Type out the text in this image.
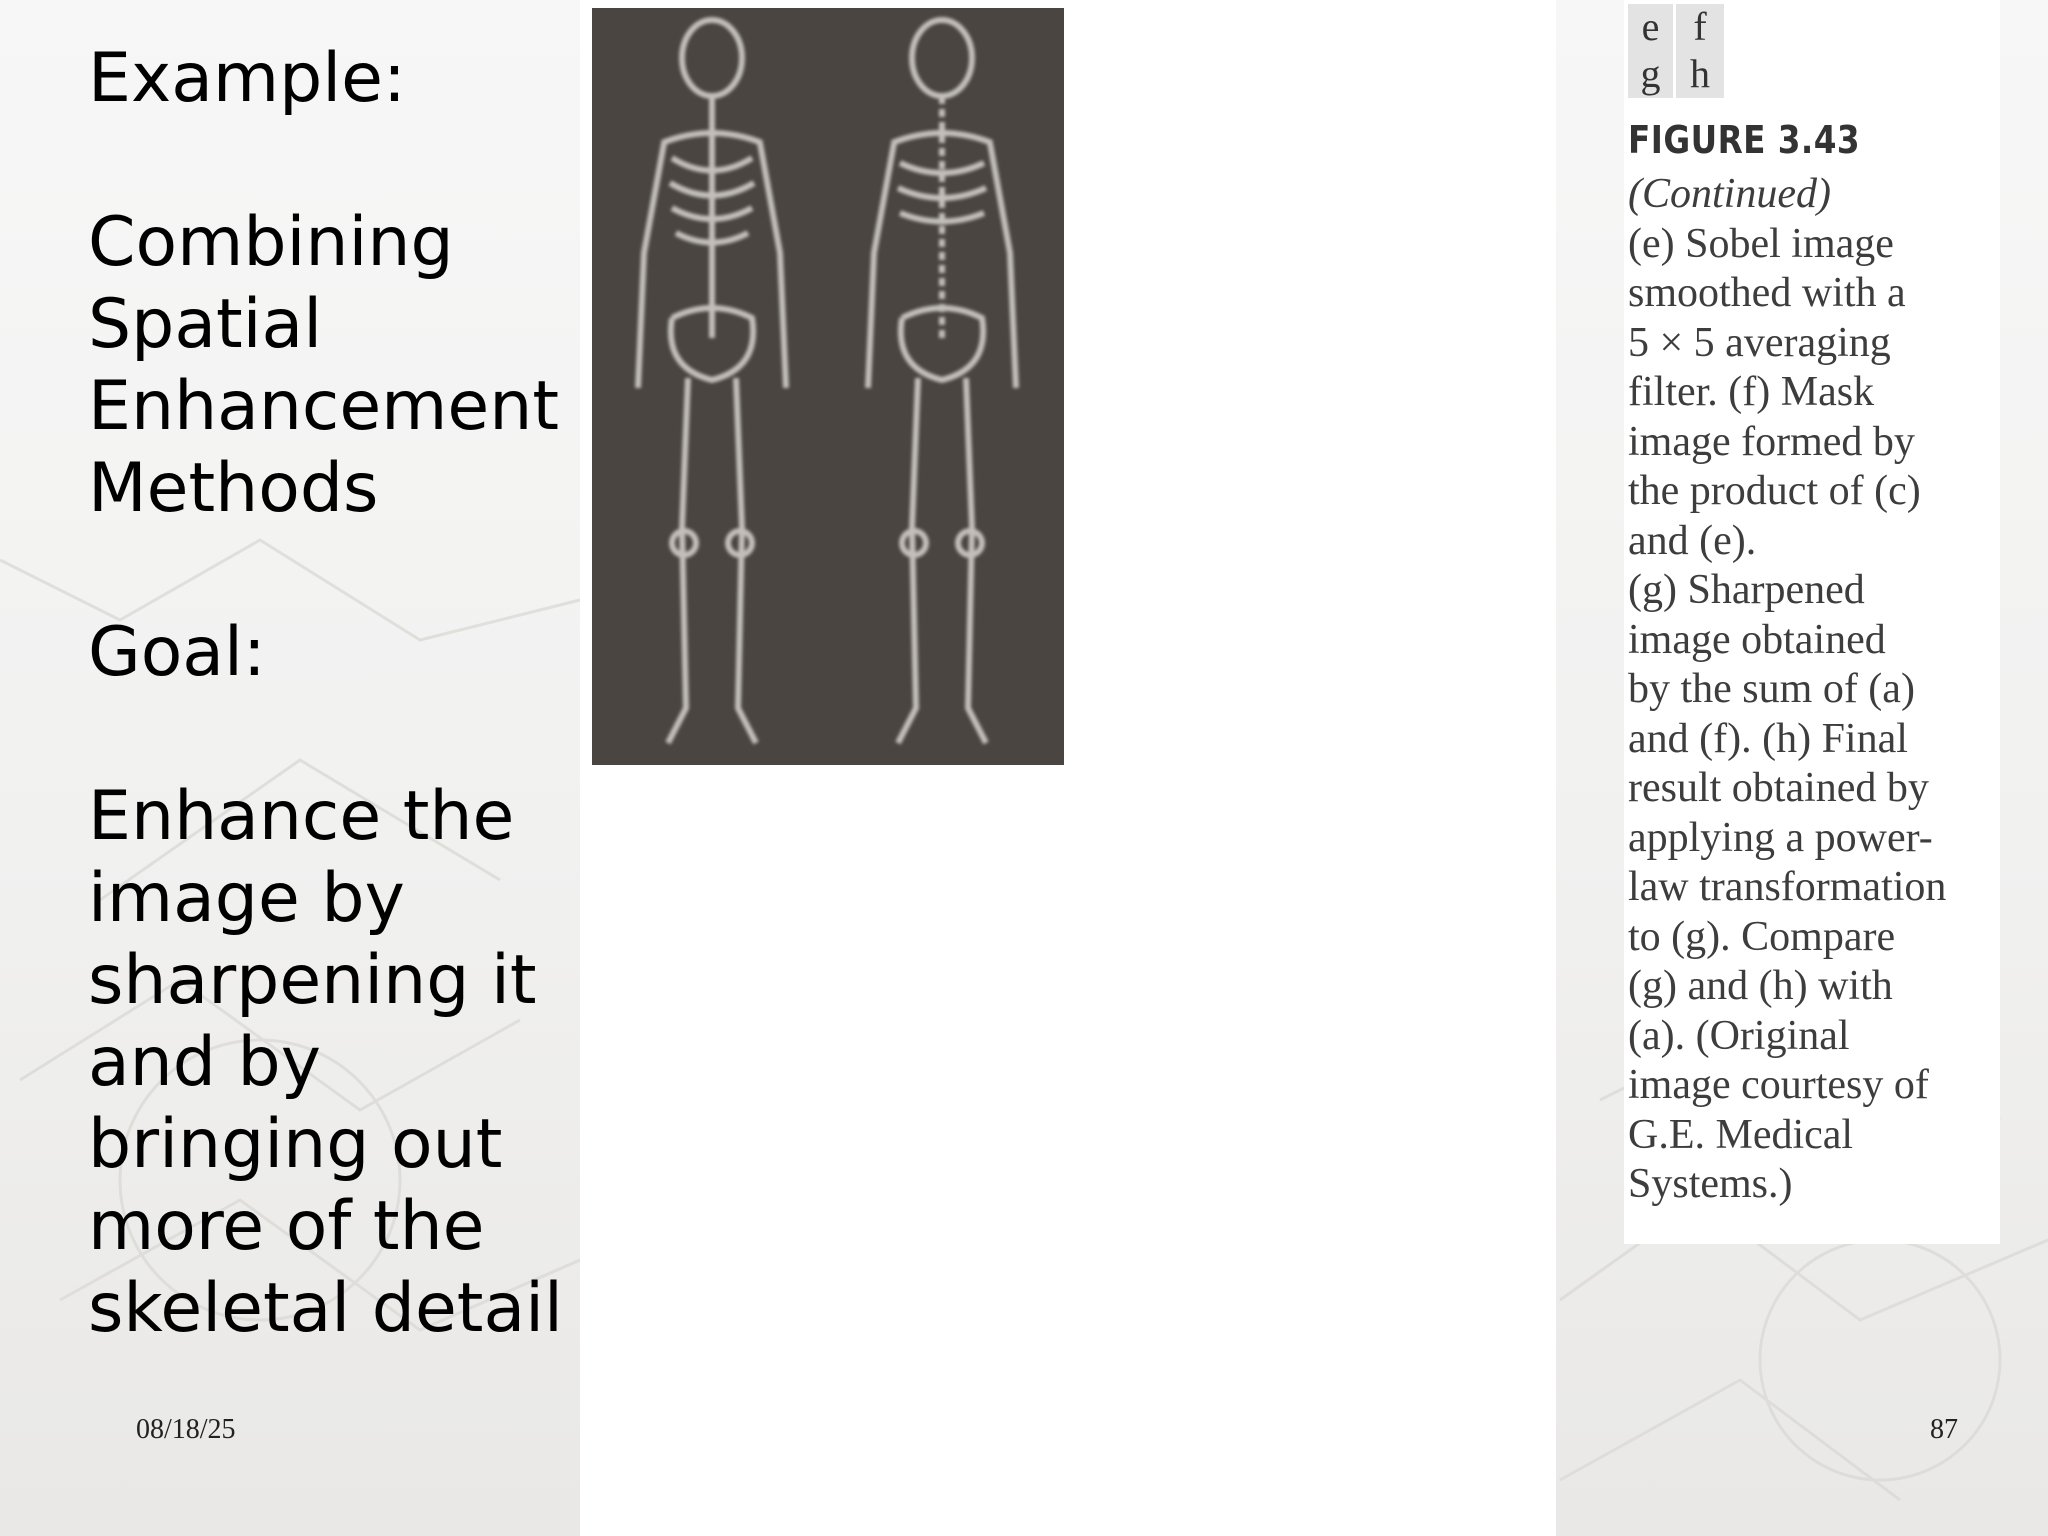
Example:

Combining

Spatial

Enhancement

Methods

Goal:

Enhance the

image by

sharpening it

and by

bringing out

more of the

skeletal detail

e f
g h
FIGURE 3.43
(Continued)
(e) Sobel image
smoothed with a
5 × 5 averaging
filter. (f) Mask
image formed by
the product of (c)
and (e).
(g) Sharpened
image obtained
by the sum of (a)
and (f). (h) Final
result obtained by
applying a power-
law transformation
to (g). Compare
(g) and (h) with
(a). (Original
image courtesy of
G.E. Medical
Systems.)
08/18/25	87
